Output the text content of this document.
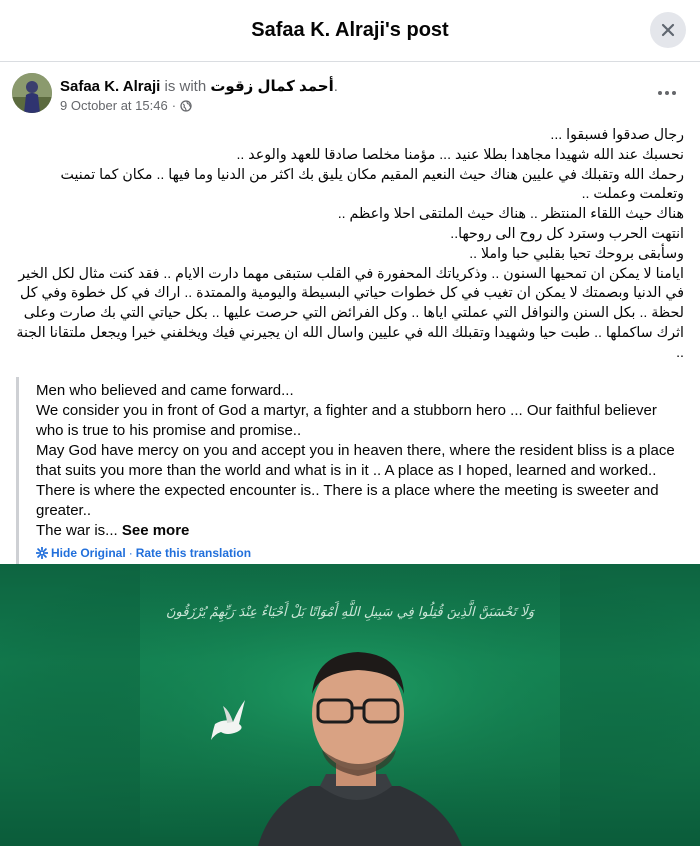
Safaa K. Alraji's post
Safaa K. Alraji is with أحمد كمال زقوت.
9 October at 15:46 ·

رجال صدقوا فسبقوا ...

نحسبك عند الله شهيدا مجاهدا بطلا عنيد ... مؤمنا مخلصا صادقا للعهد والوعد ..

رحمك الله وتقبلك في عليين هناك حيث النعيم المقيم مكان يليق بك اكثر من الدنيا وما فيها .. مكان كما تمنيت وتعلمت وعملت ..

هناك حيث اللقاء المنتظر .. هناك حيث الملتقى احلا واعظم ..

انتهت الحرب وسترد كل روح الى روحها..

وسأبقى بروحك تحيا بقلبي حبا واملا ..

ايامنا لا يمكن ان تمحيها السنون .. وذكرياتك المحفورة في القلب ستبقى مهما دارت الايام .. فقد كنت مثال لكل الخير في الدنيا وبصمتك لا يمكن ان تغيب في كل خطوات حياتي البسيطة واليومية والممتدة .. اراك في كل خطوة وفي كل لحظة .. بكل السنن والنوافل التي عملتي اياها .. وكل الفرائض التي حرصت عليها .. بكل حياتي التي بك صارت وعلى اثرك ساكملها .. طبت حيا وشهيدا وتقبلك الله في عليين واسال الله ان يجيرني فيك ويخلفني خيرا ويجعل ملتقانا الجنة ..

Men who believed and came forward...

We consider you in front of God a martyr, a fighter and a stubborn hero ... Our faithful believer who is true to his promise and promise..

May God have mercy on you and accept you in heaven there, where the resident bliss is a place that suits you more than the world and what is in it .. A place as I hoped, learned and worked..

There is where the expected encounter is.. There is a place where the meeting is sweeter and greater..

The war is... See more

Hide Original · Rate this translation
وَلَا تَحْسَبَنَّ الَّذِينَ قُتِلُوا فِي سَبِيلِ اللَّهِ أَمْوَاتًا بَلْ أَحْيَاءٌ عِنْدَ رَبِّهِمْ يُرْزَقُونَ
